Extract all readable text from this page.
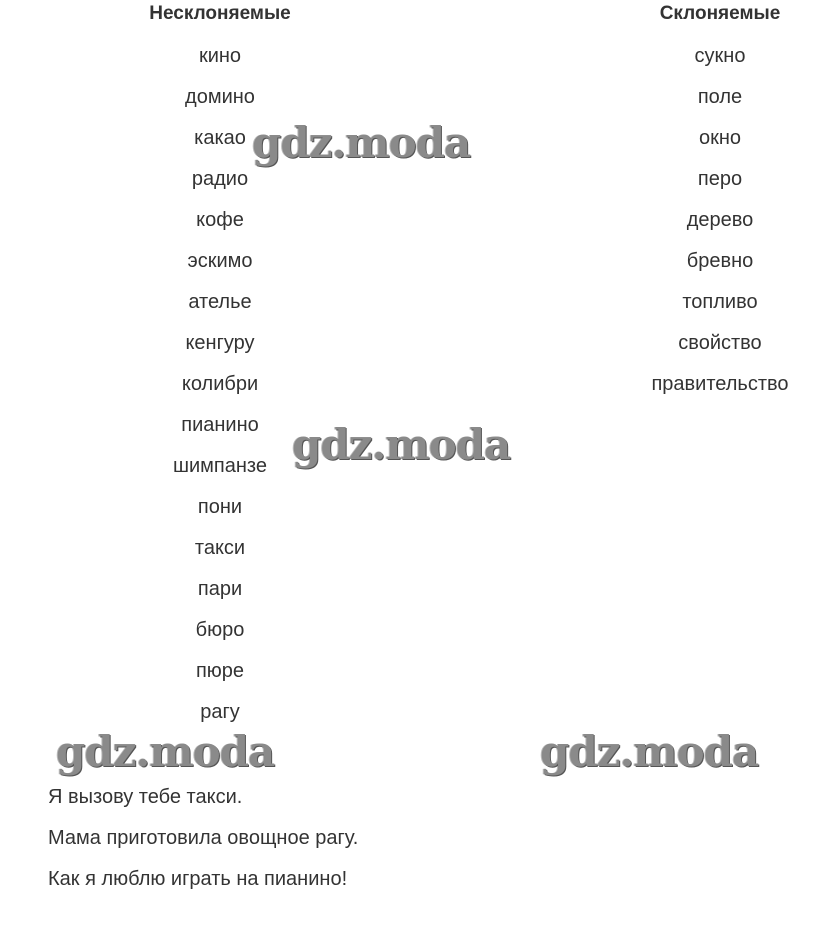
Несклоняемые	Склоняемые
кино
домино
какао
радио
кофе
эскимо
ателье
кенгуру
колибри
пианино
шимпанзе
пони
такси
пари
бюро
пюре
рагу
сукно
поле
окно
перо
дерево
бревно
топливо
свойство
правительство
Я вызову тебе такси.
Мама приготовила овощное рагу.
Как я люблю играть на пианино!
gdz.moda
gdz.moda
gdz.moda	gdz.moda
